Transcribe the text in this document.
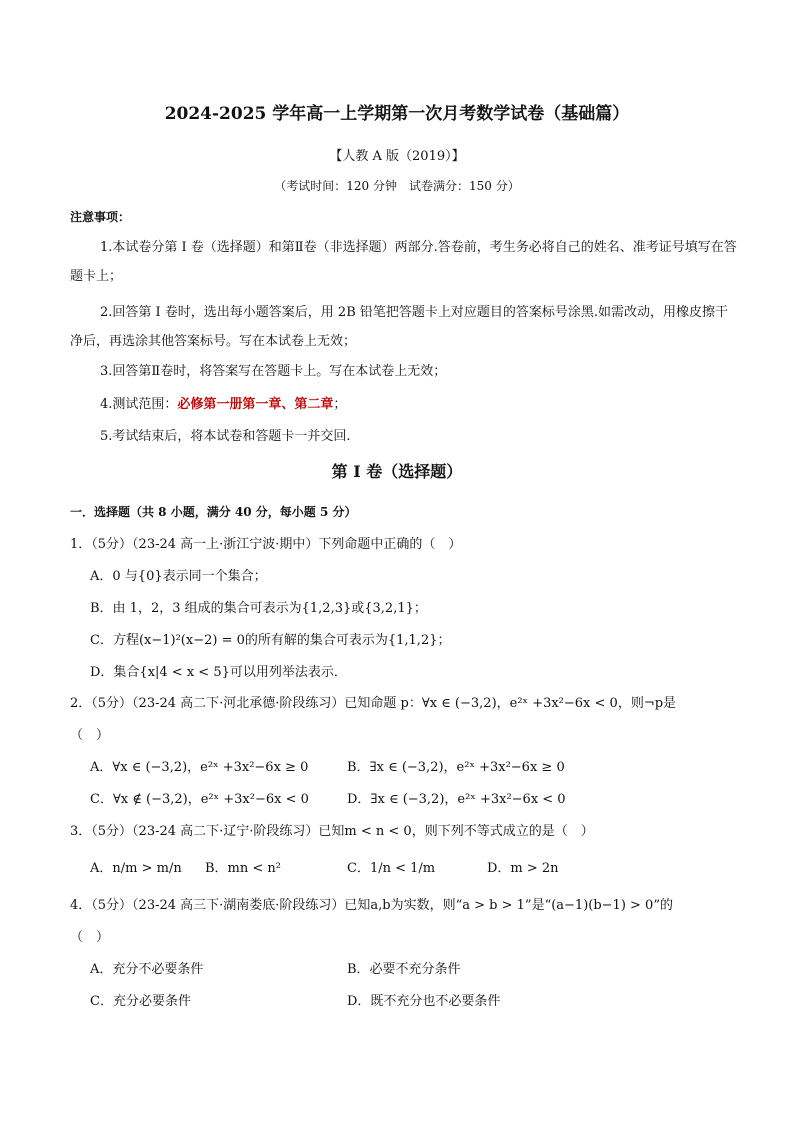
2024-2025 学年高一上学期第一次月考数学试卷（基础篇）
【人教 A 版（2019）】
（考试时间：120 分钟　试卷满分：150 分）
注意事项：
1.本试卷分第 I 卷（选择题）和第Ⅱ卷（非选择题）两部分.答卷前，考生务必将自己的姓名、准考证号填写在答题卡上；
2.回答第 I 卷时，选出每小题答案后，用 2B 铅笔把答题卡上对应题目的答案标号涂黑.如需改动，用橡皮擦干净后，再选涂其他答案标号。写在本试卷上无效；
3.回答第Ⅱ卷时，将答案写在答题卡上。写在本试卷上无效；
4.测试范围：必修第一册第一章、第二章；
5.考试结束后，将本试卷和答题卡一并交回.
第 I 卷（选择题）
一．选择题（共 8 小题，满分 40 分，每小题 5 分）
1．（5分）（23-24 高一上·浙江宁波·期中）下列命题中正确的（　）
A．0 与{0}表示同一个集合；
B．由 1，2，3 组成的集合可表示为{1,2,3}或{3,2,1}；
C．方程(x−1)²(x−2) = 0的所有解的集合可表示为{1,1,2}；
D．集合{x|4 < x < 5}可以用列举法表示．
2．（5分）（23-24 高二下·河北承德·阶段练习）已知命题 p：∀x ∈ (−3,2)，e²ˣ +3x²−6x < 0，则¬p是
（　）
A．∀x ∈ (−3,2)，e²ˣ +3x²−6x ≥ 0	B．∃x ∈ (−3,2)，e²ˣ +3x²−6x ≥ 0
C．∀x ∉ (−3,2)，e²ˣ +3x²−6x < 0	D．∃x ∈ (−3,2)，e²ˣ +3x²−6x < 0
3．（5分）（23-24 高二下·辽宁·阶段练习）已知m < n < 0，则下列不等式成立的是（　）
A．n/m > m/n B．mn < n²	C．1/n < 1/m	D．m > 2n
4．（5分）（23-24 高三下·湖南娄底·阶段练习）已知a,b为实数，则“a > b > 1”是“(a−1)(b−1) > 0”的
（　）
A．充分不必要条件	B．必要不充分条件
C．充分必要条件	D．既不充分也不必要条件
